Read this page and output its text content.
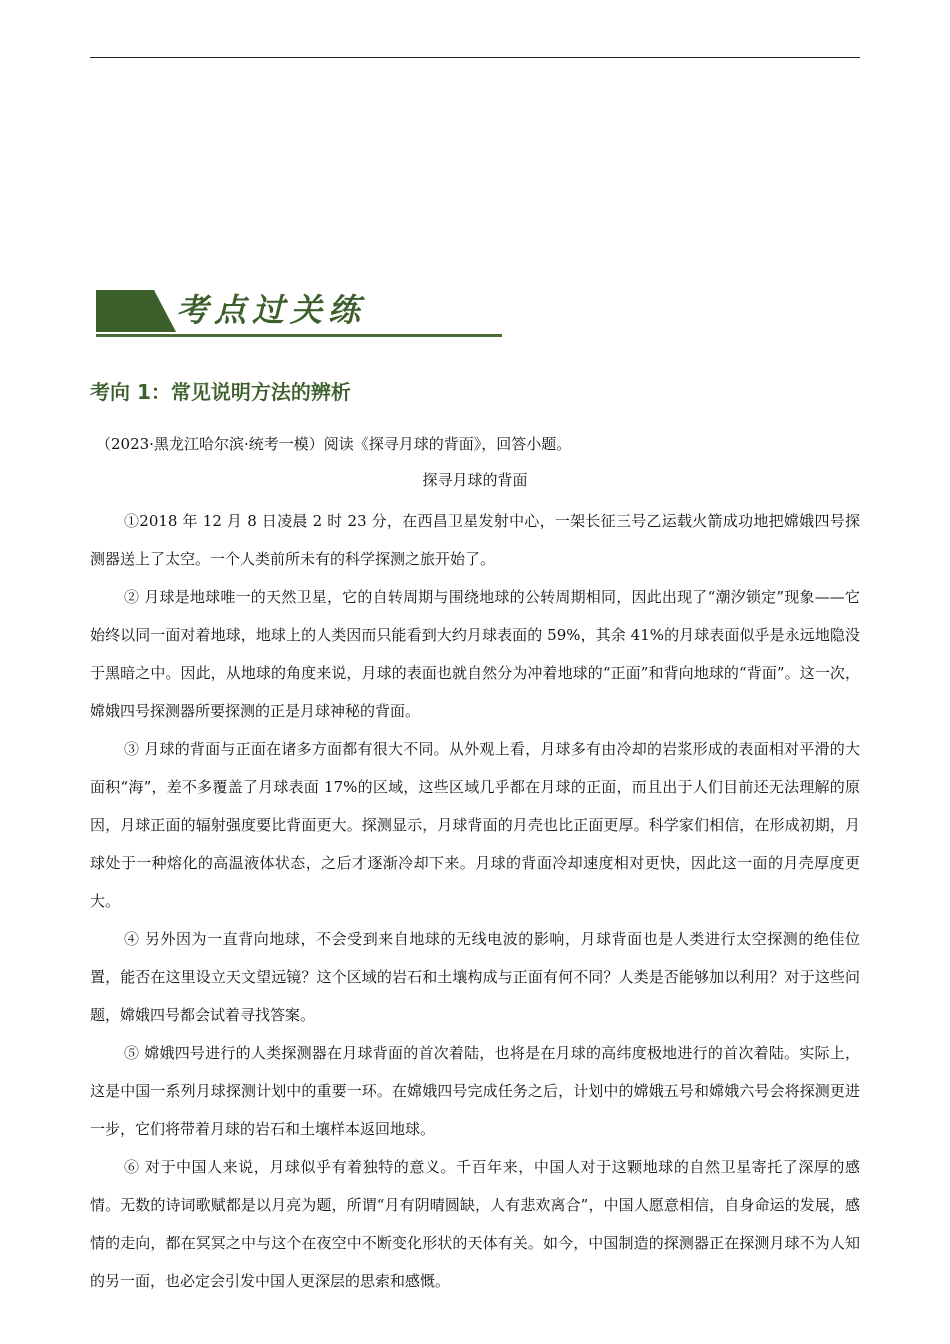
考点过关练
考向 1：常见说明方法的辨析
（2023·黑龙江哈尔滨·统考一模）阅读《探寻月球的背面》，回答小题。
探寻月球的背面

①2018 年 12 月 8 日凌晨 2 时 23 分，在西昌卫星发射中心，一架长征三号乙运载火箭成功地把嫦娥四号探测器送上了太空。一个人类前所未有的科学探测之旅开始了。

② 月球是地球唯一的天然卫星，它的自转周期与围绕地球的公转周期相同，因此出现了“潮汐锁定”现象——它始终以同一面对着地球，地球上的人类因而只能看到大约月球表面的 59%，其余 41%的月球表面似乎是永远地隐没于黑暗之中。因此，从地球的角度来说，月球的表面也就自然分为冲着地球的“正面”和背向地球的“背面”。这一次，嫦娥四号探测器所要探测的正是月球神秘的背面。

③ 月球的背面与正面在诸多方面都有很大不同。从外观上看，月球多有由冷却的岩浆形成的表面相对平滑的大面积“海”，差不多覆盖了月球表面 17%的区域，这些区域几乎都在月球的正面，而且出于人们目前还无法理解的原因，月球正面的辐射强度要比背面更大。探测显示，月球背面的月壳也比正面更厚。科学家们相信，在形成初期，月球处于一种熔化的高温液体状态，之后才逐渐冷却下来。月球的背面冷却速度相对更快，因此这一面的月壳厚度更大。

④ 另外因为一直背向地球，不会受到来自地球的无线电波的影响，月球背面也是人类进行太空探测的绝佳位置，能否在这里设立天文望远镜？这个区域的岩石和土壤构成与正面有何不同？人类是否能够加以利用？对于这些问题，嫦娥四号都会试着寻找答案。

⑤ 嫦娥四号进行的人类探测器在月球背面的首次着陆，也将是在月球的高纬度极地进行的首次着陆。实际上，这是中国一系列月球探测计划中的重要一环。在嫦娥四号完成任务之后，计划中的嫦娥五号和嫦娥六号会将探测更进一步，它们将带着月球的岩石和土壤样本返回地球。

⑥ 对于中国人来说，月球似乎有着独特的意义。千百年来，中国人对于这颗地球的自然卫星寄托了深厚的感情。无数的诗词歌赋都是以月亮为题，所谓“月有阴晴圆缺，人有悲欢离合”，中国人愿意相信，自身命运的发展，感情的走向，都在冥冥之中与这个在夜空中不断变化形状的天体有关。如今，中国制造的探测器正在探测月球不为人知的另一面，也必定会引发中国人更深层的思索和感慨。
